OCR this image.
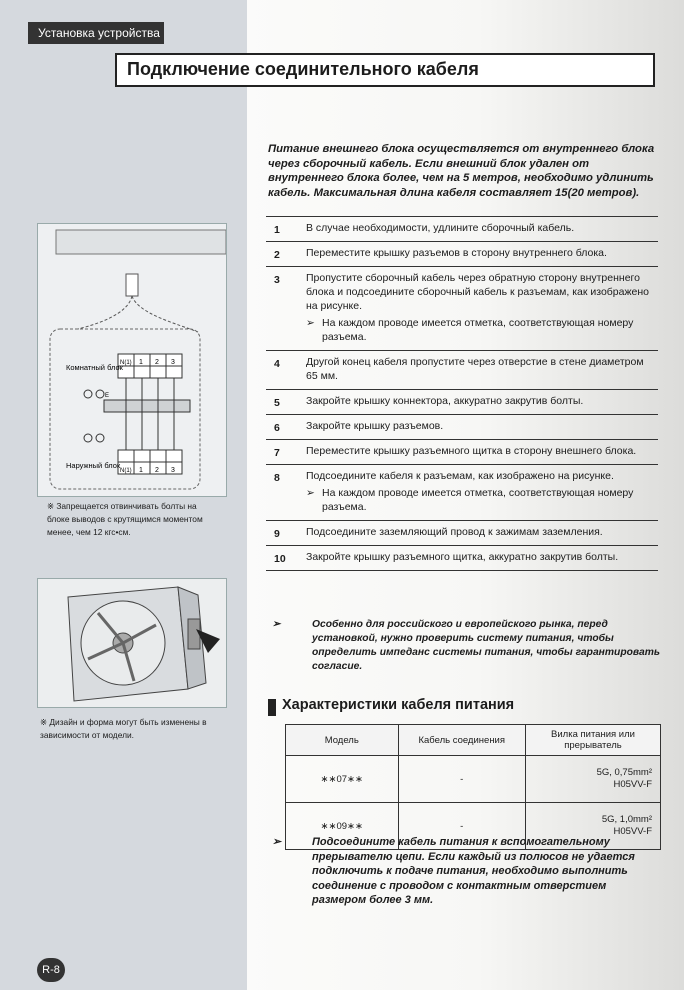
Установка устройства
Подключение соединительного кабеля
Питание внешнего блока осуществляется от внутреннего блока через сборочный кабель. Если внешний блок удален от внутреннего блока более, чем на 5 метров, необходимо удлинить кабель. Максимальная длина кабеля составляет 15(20 метров).
1 В случае необходимости, удлините сборочный кабель.
2 Переместите крышку разъемов в сторону внутреннего блока.
3 Пропустите сборочный кабель через обратную сторону внутреннего блока и подсоедините сборочный кабель к разъемам, как изображено на рисунке.
➢ На каждом проводе имеется отметка, соответствующая номеру разъема.
4 Другой конец кабеля пропустите через отверстие в стене диаметром 65 мм.
5 Закройте крышку коннектора, аккуратно закрутив болты.
6 Закройте крышку разъемов.
7 Переместите крышку разъемного щитка в сторону внешнего блока.
8 Подсоедините кабеля к разъемам, как изображено на рисунке.
➢ На каждом проводе имеется отметка, соответствующая номеру разъема.
9 Подсоедините заземляющий провод к зажимам заземления.
10 Закройте крышку разъемного щитка, аккуратно закрутив болты.
➢	Особенно для российского и европейского рынка, перед установкой, нужно проверить систему питания, чтобы определить импеданс системы питания, чтобы гарантировать согласие.
Комнатный блок
Наружный блок
N(1) 1 2 3
N(1) 1 2 3
E
※ Запрещается отвинчивать болты на блоке выводов с крутящимся моментом менее, чем 12 кгс•см.
※ Дизайн и форма могут быть изменены в зависимости от модели.
Характеристики кабеля питания
Модель	Кабель соединения	Вилка питания или прерыватель
∗∗07∗∗	-	5G, 0,75mm²
H05VV-F

∗∗09∗∗	-	5G, 1,0mm²
H05VV-F
➢	Подсоедините кабель питания к вспомогательному прерывателю цепи. Если каждый из полюсов не удается подключить к подаче питания, необходимо выполнить соединение с проводом с контактным отверстием размером более 3 мм.
R-8
